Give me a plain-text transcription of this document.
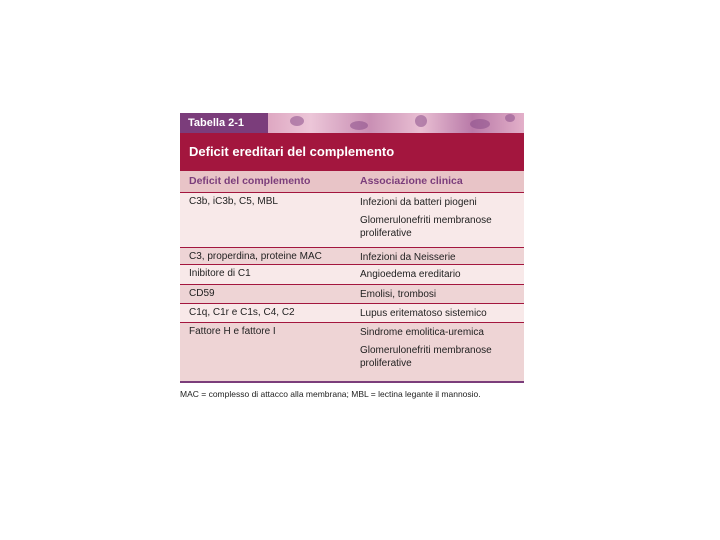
Tabella 2-1
Deficit ereditari del complemento
Deficit del complemento	Associazione clinica
C3b, iC3b, C5, MBL	Infezioni da batteri piogeni
Glomerulonefriti membranose
proliferative
C3, properdina, proteine MAC	Infezioni da Neisserie
Inibitore di C1	Angioedema ereditario
CD59	Emolisi, trombosi
C1q, C1r e C1s, C4, C2	Lupus eritematoso sistemico
Fattore H e fattore I	Sindrome emolitica-uremica
Glomerulonefriti membranose
proliferative
MAC = complesso di attacco alla membrana; MBL = lectina legante il mannosio.
